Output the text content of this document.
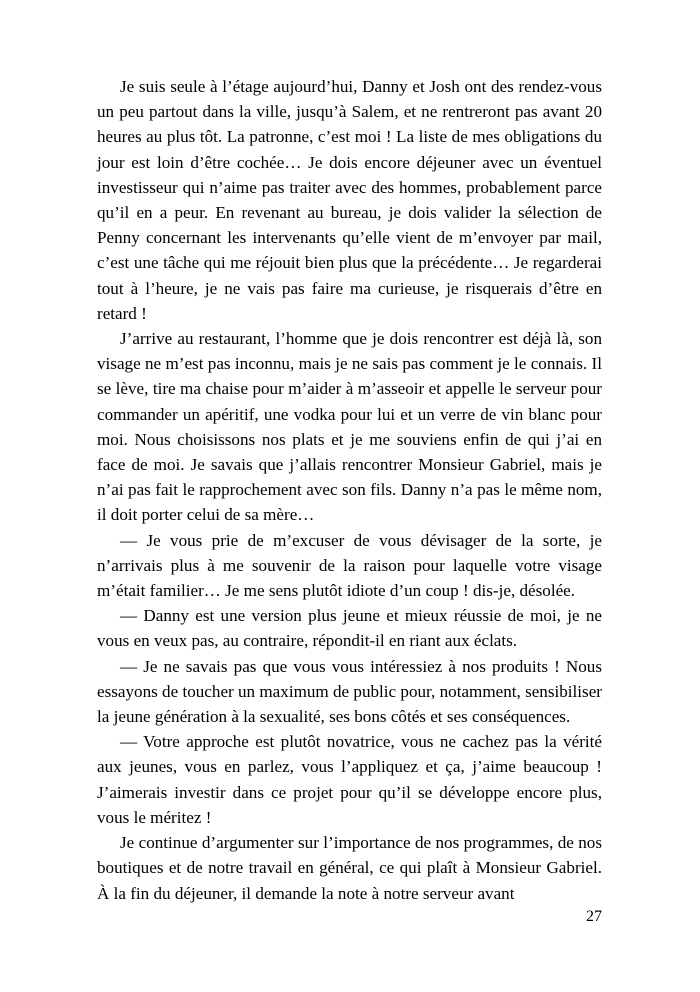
Je suis seule à l’étage aujourd’hui, Danny et Josh ont des rendez-vous un peu partout dans la ville, jusqu’à Salem, et ne rentreront pas avant 20 heures au plus tôt. La patronne, c’est moi ! La liste de mes obligations du jour est loin d’être cochée… Je dois encore déjeuner avec un éventuel investisseur qui n’aime pas traiter avec des hommes, probablement parce qu’il en a peur. En revenant au bureau, je dois valider la sélection de Penny concernant les intervenants qu’elle vient de m’envoyer par mail, c’est une tâche qui me réjouit bien plus que la précédente… Je regarderai tout à l’heure, je ne vais pas faire ma curieuse, je risquerais d’être en retard !

J’arrive au restaurant, l’homme que je dois rencontrer est déjà là, son visage ne m’est pas inconnu, mais je ne sais pas comment je le connais. Il se lève, tire ma chaise pour m’aider à m’asseoir et appelle le serveur pour commander un apéritif, une vodka pour lui et un verre de vin blanc pour moi. Nous choisissons nos plats et je me souviens enfin de qui j’ai en face de moi. Je savais que j’allais rencontrer Monsieur Gabriel, mais je n’ai pas fait le rapprochement avec son fils. Danny n’a pas le même nom, il doit porter celui de sa mère…

— Je vous prie de m’excuser de vous dévisager de la sorte, je n’arrivais plus à me souvenir de la raison pour laquelle votre visage m’était familier… Je me sens plutôt idiote d’un coup ! dis-je, désolée.

— Danny est une version plus jeune et mieux réussie de moi, je ne vous en veux pas, au contraire, répondit-il en riant aux éclats.

— Je ne savais pas que vous vous intéressiez à nos produits ! Nous essayons de toucher un maximum de public pour, notamment, sensibiliser la jeune génération à la sexualité, ses bons côtés et ses conséquences.

— Votre approche est plutôt novatrice, vous ne cachez pas la vérité aux jeunes, vous en parlez, vous l’appliquez et ça, j’aime beaucoup ! J’aimerais investir dans ce projet pour qu’il se développe encore plus, vous le méritez !

Je continue d’argumenter sur l’importance de nos programmes, de nos boutiques et de notre travail en général, ce qui plaît à Monsieur Gabriel. À la fin du déjeuner, il demande la note à notre serveur avant

27
